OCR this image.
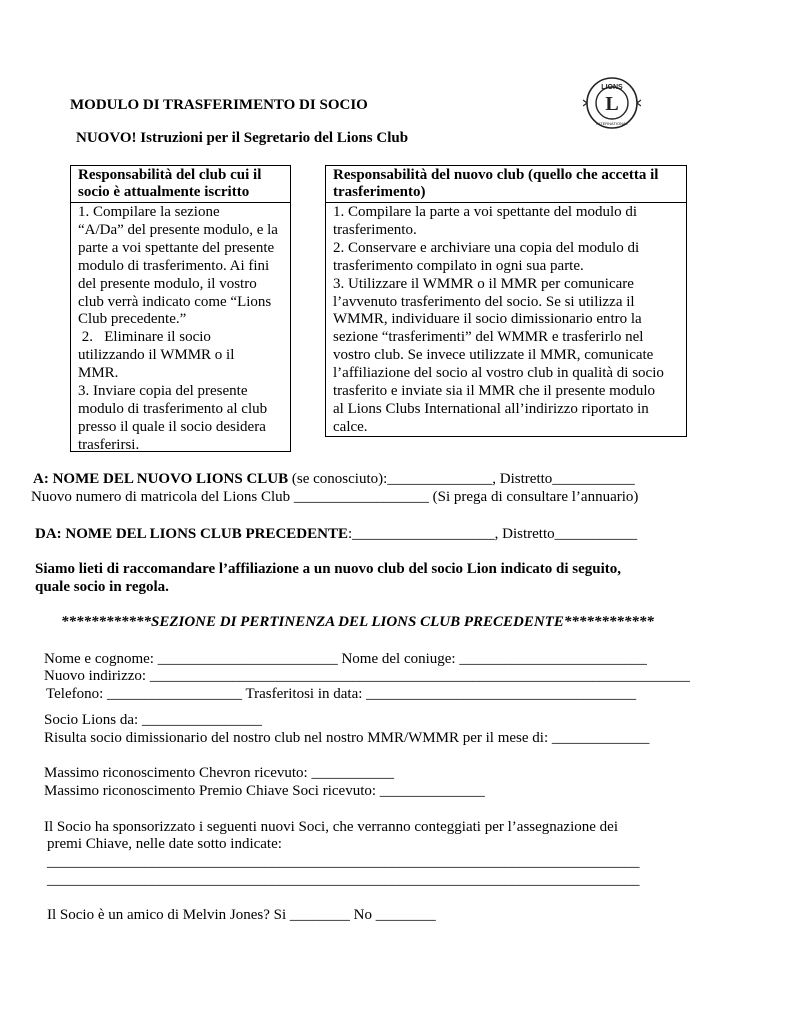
MODULO DI TRASFERIMENTO DI SOCIO
LIONS
L
INTERNATIONAL
NUOVO! Istruzioni per il Segretario del Lions Club
Responsabilità del club cui il
socio è attualmente iscritto
1. Compilare la sezione
“A/Da” del presente modulo, e la
parte a voi spettante del presente
modulo di trasferimento. Ai fini
del presente modulo, il vostro
club verrà indicato come “Lions
Club precedente.”
2.   Eliminare il socio
utilizzando il WMMR o il
MMR.
3. Inviare copia del presente
modulo di trasferimento al club
presso il quale il socio desidera
trasferirsi.
Responsabilità del nuovo club (quello che accetta il
trasferimento)
1. Compilare la parte a voi spettante del modulo di
trasferimento.
2. Conservare e archiviare una copia del modulo di
trasferimento compilato in ogni sua parte.
3. Utilizzare il WMMR o il MMR per comunicare
l’avvenuto trasferimento del socio. Se si utilizza il
WMMR, individuare il socio dimissionario entro la
sezione “trasferimenti” del WMMR e trasferirlo nel
vostro club. Se invece utilizzate il MMR, comunicate
l’affiliazione del socio al vostro club in qualità di socio
trasferito e inviate sia il MMR che il presente modulo
al Lions Clubs International all’indirizzo riportato in
calce.
A: NOME DEL NUOVO LIONS CLUB (se conosciuto):______________, Distretto___________
Nuovo numero di matricola del Lions Club __________________ (Si prega di consultare l’annuario)
DA: NOME DEL LIONS CLUB PRECEDENTE:___________________, Distretto___________
Siamo lieti di raccomandare l’affiliazione a un nuovo club del socio Lion indicato di seguito,
quale socio in regola.
************SEZIONE DI PERTINENZA DEL LIONS CLUB PRECEDENTE************
Nome e cognome: ________________________ Nome del coniuge: _________________________
Nuovo indirizzo: ________________________________________________________________________
Telefono: __________________ Trasferitosi in data: ____________________________________
Socio Lions da: ________________
Risulta socio dimissionario del nostro club nel nostro MMR/WMMR per il mese di: _____________
Massimo riconoscimento Chevron ricevuto: ___________
Massimo riconoscimento Premio Chiave Soci ricevuto: ______________
Il Socio ha sponsorizzato i seguenti nuovi Soci, che verranno conteggiati per l’assegnazione dei
premi Chiave, nelle date sotto indicate:
_______________________________________________________________________________
_______________________________________________________________________________
Il Socio è un amico di Melvin Jones? Si ________ No ________
